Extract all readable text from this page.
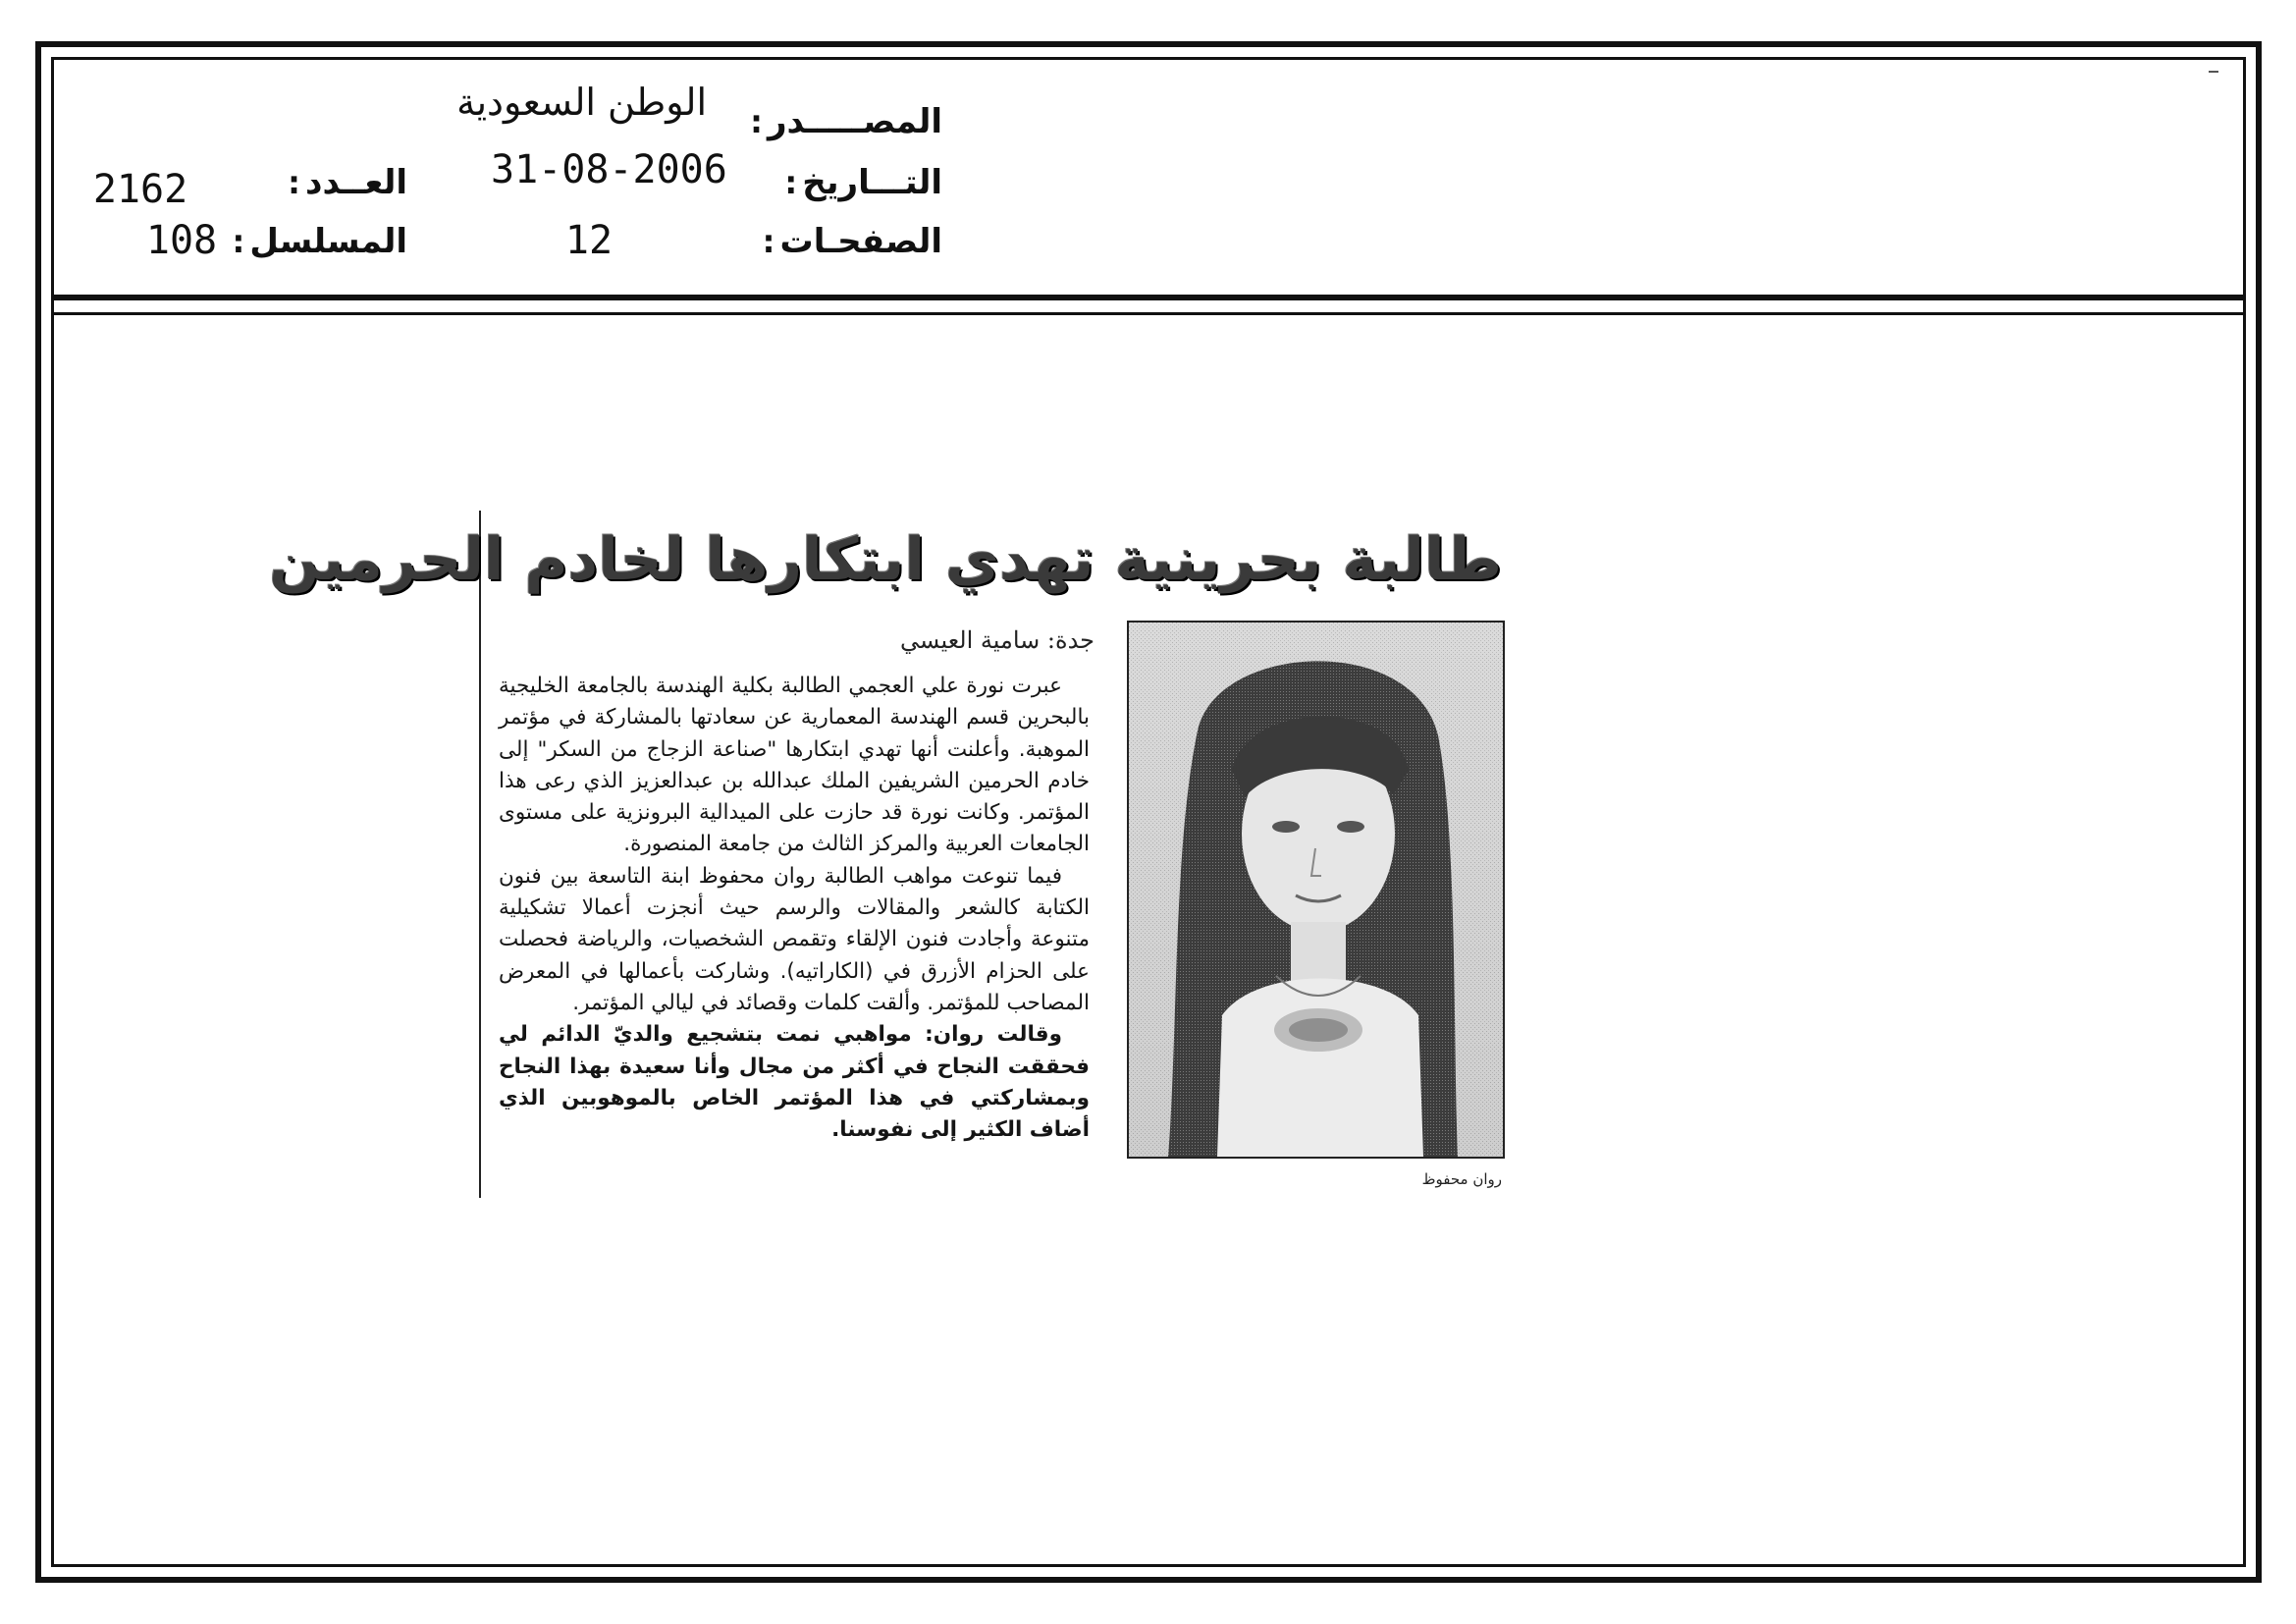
المصـــــدر :
الوطن السعودية
التـــاريخ :
31-08-2006
الصفحـات :
12
العــدد :
2162
المسلسل :
108
طالبة بحرينية تهدي ابتكارها لخادم الحرمين
جدة: سامية العيسي

عبرت نورة علي العجمي الطالبة بكلية الهندسة بالجامعة الخليجية بالبحرين قسم الهندسة المعمارية عن سعادتها بالمشاركة في مؤتمر الموهبة. وأعلنت أنها تهدي ابتكارها "صناعة الزجاج من السكر" إلى خادم الحرمين الشريفين الملك عبدالله بن عبدالعزيز الذي رعى هذا المؤتمر. وكانت نورة قد حازت على الميدالية البرونزية على مستوى الجامعات العربية والمركز الثالث من جامعة المنصورة.

فيما تنوعت مواهب الطالبة روان محفوظ ابنة التاسعة بين فنون الكتابة كالشعر والمقالات والرسم حيث أنجزت أعمالا تشكيلية متنوعة وأجادت فنون الإلقاء وتقمص الشخصيات، والرياضة فحصلت على الحزام الأزرق في (الكاراتيه). وشاركت بأعمالها في المعرض المصاحب للمؤتمر. وألقت كلمات وقصائد في ليالي المؤتمر.

وقالت روان: مواهبي نمت بتشجيع والديّ الدائم لي فحققت النجاح في أكثر من مجال وأنا سعيدة بهذا النجاح وبمشاركتي في هذا المؤتمر الخاص بالموهوبين الذي أضاف الكثير إلى نفوسنا.

روان محفوظ
